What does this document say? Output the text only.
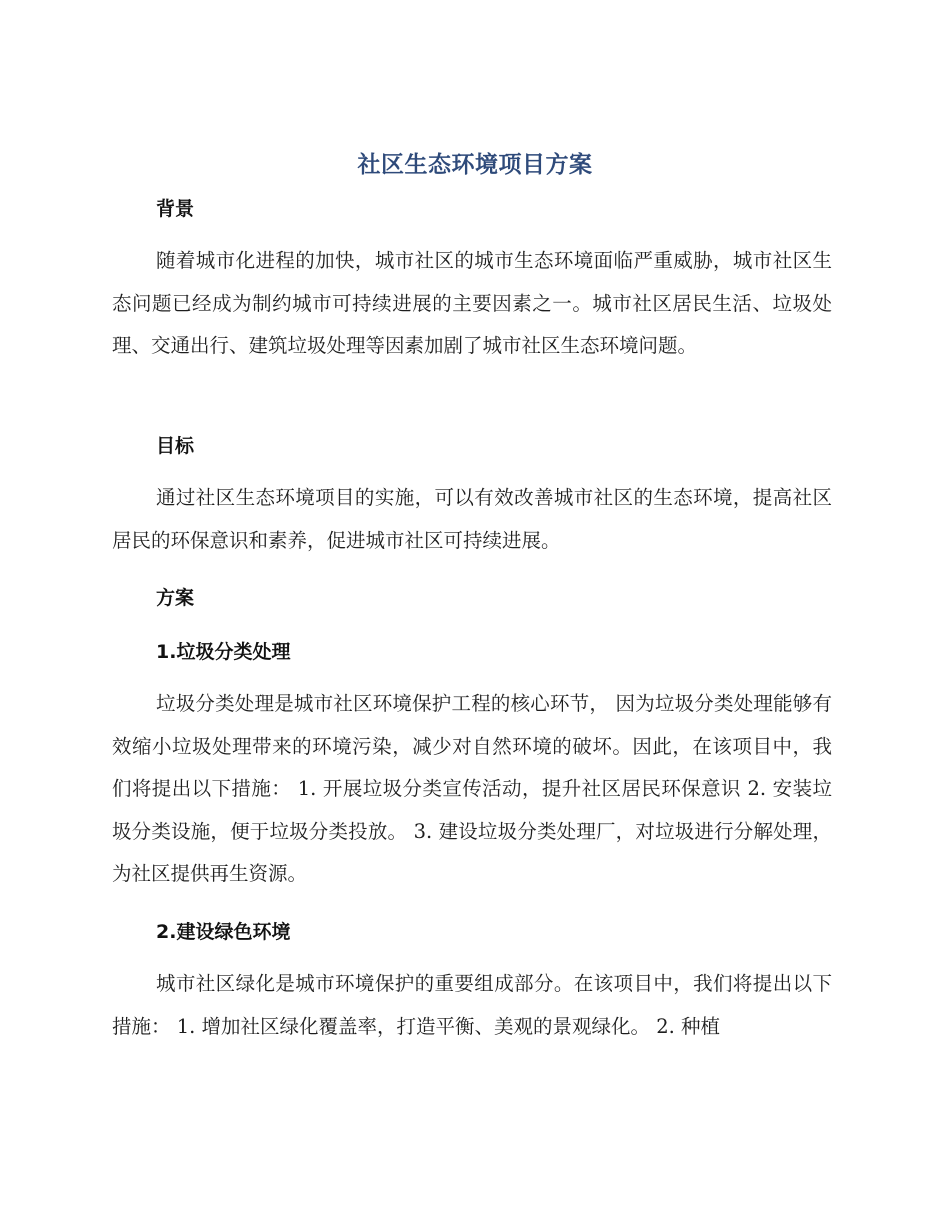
社区生态环境项目方案
背景

随着城市化进程的加快，城市社区的城市生态环境面临严重威胁，城市社区生态问题已经成为制约城市可持续进展的主要因素之一。城市社区居民生活、垃圾处理、交通出行、建筑垃圾处理等因素加剧了城市社区生态环境问题。

目标

通过社区生态环境项目的实施，可以有效改善城市社区的生态环境，提高社区居民的环保意识和素养，促进城市社区可持续进展。

方案
1.垃圾分类处理

垃圾分类处理是城市社区环境保护工程的核心环节， 因为垃圾分类处理能够有效缩小垃圾处理带来的环境污染，减少对自然环境的破坏。因此，在该项目中，我们将提出以下措施： 1. 开展垃圾分类宣传活动，提升社区居民环保意识 2. 安装垃圾分类设施，便于垃圾分类投放。 3. 建设垃圾分类处理厂，对垃圾进行分解处理，为社区提供再生资源。

2.建设绿色环境

城市社区绿化是城市环境保护的重要组成部分。在该项目中，我们将提出以下措施： 1. 增加社区绿化覆盖率，打造平衡、美观的景观绿化。 2. 种植
